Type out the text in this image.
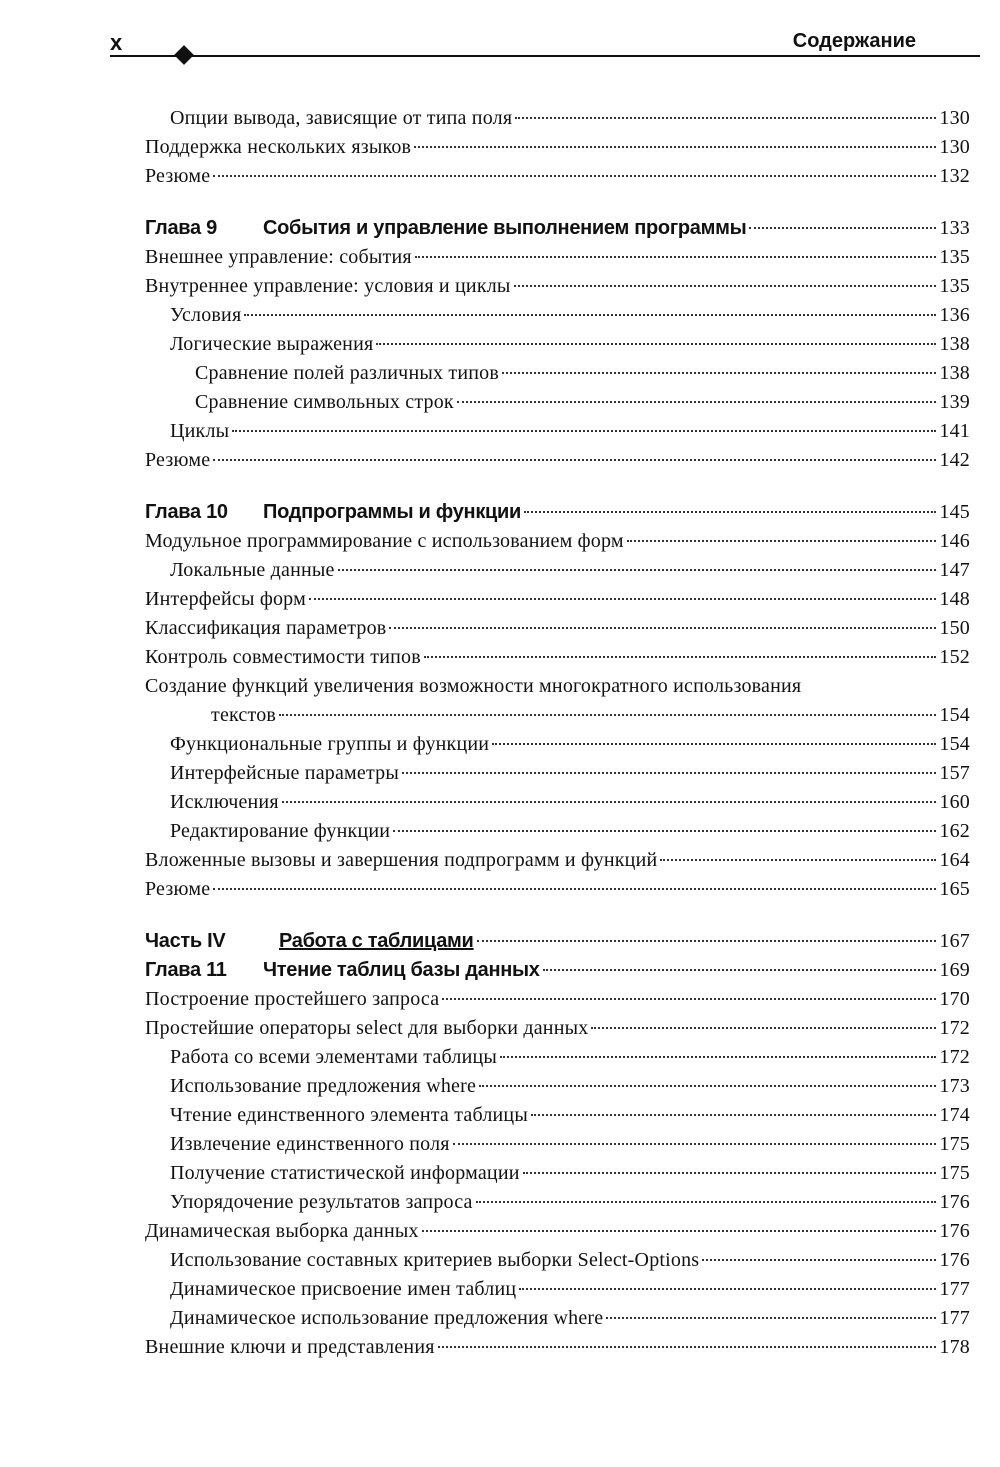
x	Содержание
Опции вывода, зависящие от типа поля	130
Поддержка нескольких языков	130
Резюме	132
Глава 9 События и управление выполнением программы	133
Внешнее управление: события	135
Внутреннее управление: условия и циклы	135
Условия	136
Логические выражения	138
Сравнение полей различных типов	138
Сравнение символьных строк	139
Циклы	141
Резюме	142
Глава 10 Подпрограммы и функции	145
Модульное программирование с использованием форм	146
Локальные данные	147
Интерфейсы форм	148
Классификация параметров	150
Контроль совместимости типов	152
Создание функций увеличения возможности многократного использования
текстов	154
Функциональные группы и функции	154
Интерфейсные параметры	157
Исключения	160
Редактирование функции	162
Вложенные вызовы и завершения подпрограмм и функций	164
Резюме	165
Часть IV	Работа с таблицами	167
Глава 11 Чтение таблиц базы данных	169
Построение простейшего запроса	170
Простейшие операторы select для выборки данных	172
Работа со всеми элементами таблицы	172
Использование предложения where	173
Чтение единственного элемента таблицы	174
Извлечение единственного поля	175
Получение статистической информации	175
Упорядочение результатов запроса	176
Динамическая выборка данных	176
Использование составных критериев выборки Select-Options	176
Динамическое присвоение имен таблиц	177
Динамическое использование предложения where	177
Внешние ключи и представления	178
